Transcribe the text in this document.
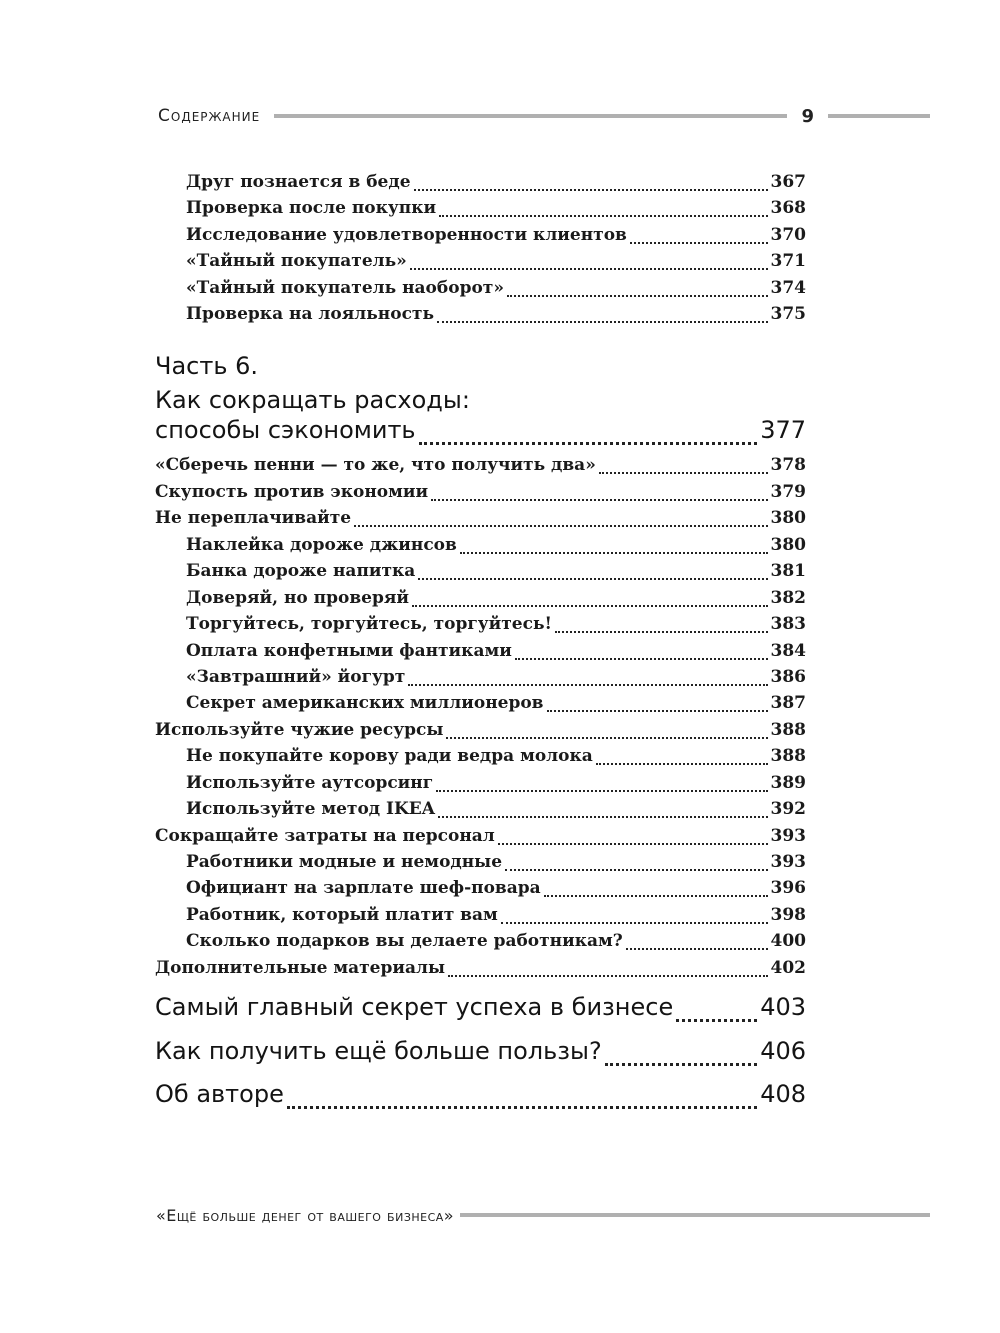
Содержание	9
Друг познается в беде	367
Проверка после покупки	368
Исследование удовлетворенности клиентов	370
«Тайный покупатель»	371
«Тайный покупатель наоборот»	374
Проверка на лояльность	375
Часть 6.
Как сокращать расходы:
способы сэкономить	377
«Сберечь пенни — то же, что получить два»	378
Скупость против экономии	379
Не переплачивайте	380
Наклейка дороже джинсов	380
Банка дороже напитка	381
Доверяй, но проверяй	382
Торгуйтесь, торгуйтесь, торгуйтесь!	383
Оплата конфетными фантиками	384
«Завтрашний» йогурт	386
Секрет американских миллионеров	387
Используйте чужие ресурсы	388
Не покупайте корову ради ведра молока	388
Используйте аутсорсинг	389
Используйте метод IKEA	392
Сокращайте затраты на персонал	393
Работники модные и немодные	393
Официант на зарплате шеф-повара	396
Работник, который платит вам	398
Сколько подарков вы делаете работникам?	400
Дополнительные материалы	402
Самый главный секрет успеха в бизнесе	403
Как получить ещё больше пользы?	406
Об авторе	408
«Ещё больше денег от вашего бизнеса»
